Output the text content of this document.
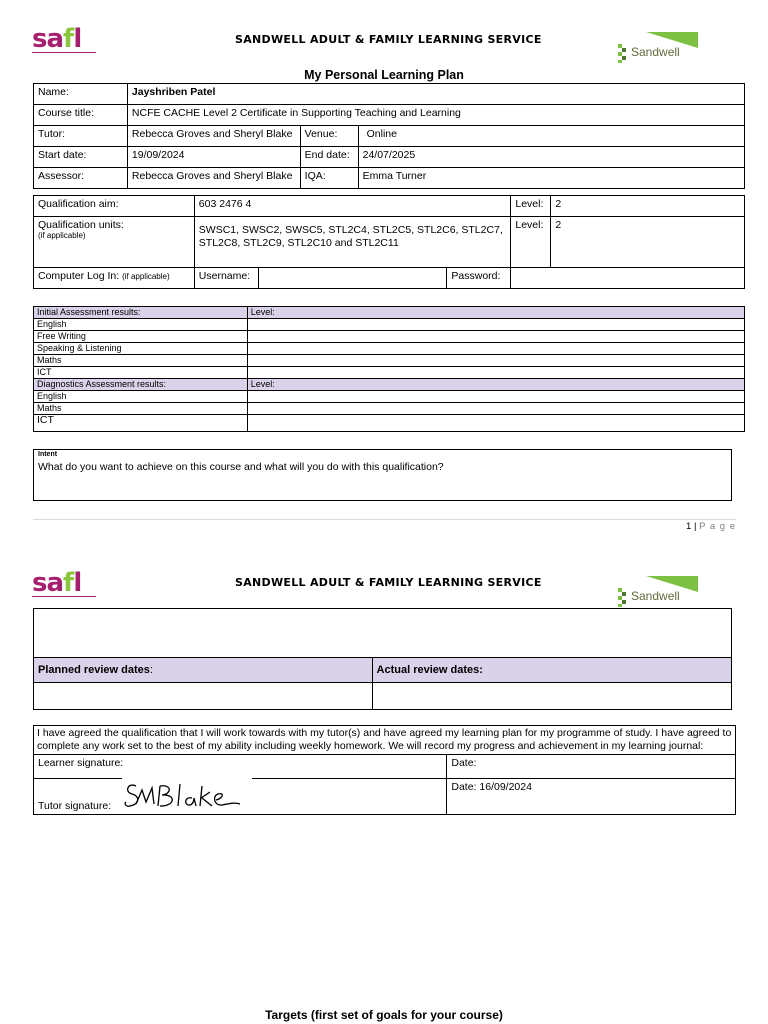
safl	SANDWELL ADULT & FAMILY LEARNING SERVICE
Sandwell
My Personal Learning Plan
Name:	Jayshriben Patel		
Course title:	NCFE CACHE Level 2 Certificate in Supporting Teaching and Learning		
Tutor:	Rebecca Groves and Sheryl Blake	Venue:	Online
Start date:	19/09/2024	End date:	24/07/2025
Assessor:	Rebecca Groves and Sheryl Blake	IQA:	Emma Turner
Qualification aim:	603 2476 4			Level:	2

Qualification units:
(if applicable)	SWSC1, SWSC2, SWSC5, STL2C4, STL2C5, STL2C6, STL2C7, STL2C8, STL2C9, STL2C10 and STL2C11			Level:	2
Computer Log In: (if applicable)	Username:		Password:		
Initial Assessment results:	Level:
English	
Free Writing	
Speaking & Listening	
Maths	
ICT	
Diagnostics Assessment results:	Level:
English	
Maths	
ICT	
Intent
What do you want to achieve on this course and what will you do with this qualification?
1 | P a g e
safl	SANDWELL ADULT & FAMILY LEARNING SERVICE
Sandwell

Planned review dates:	Actual review dates:

I have agreed the qualification that I will work towards with my tutor(s) and have agreed my learning plan for my programme of study. I have agreed to complete any work set to the best of my ability including weekly homework. We will record my progress and achievement in my learning journal:	
Learner signature:	Date:
Tutor signature:	Date: 16/09/2024
Targets (first set of goals for your course)
